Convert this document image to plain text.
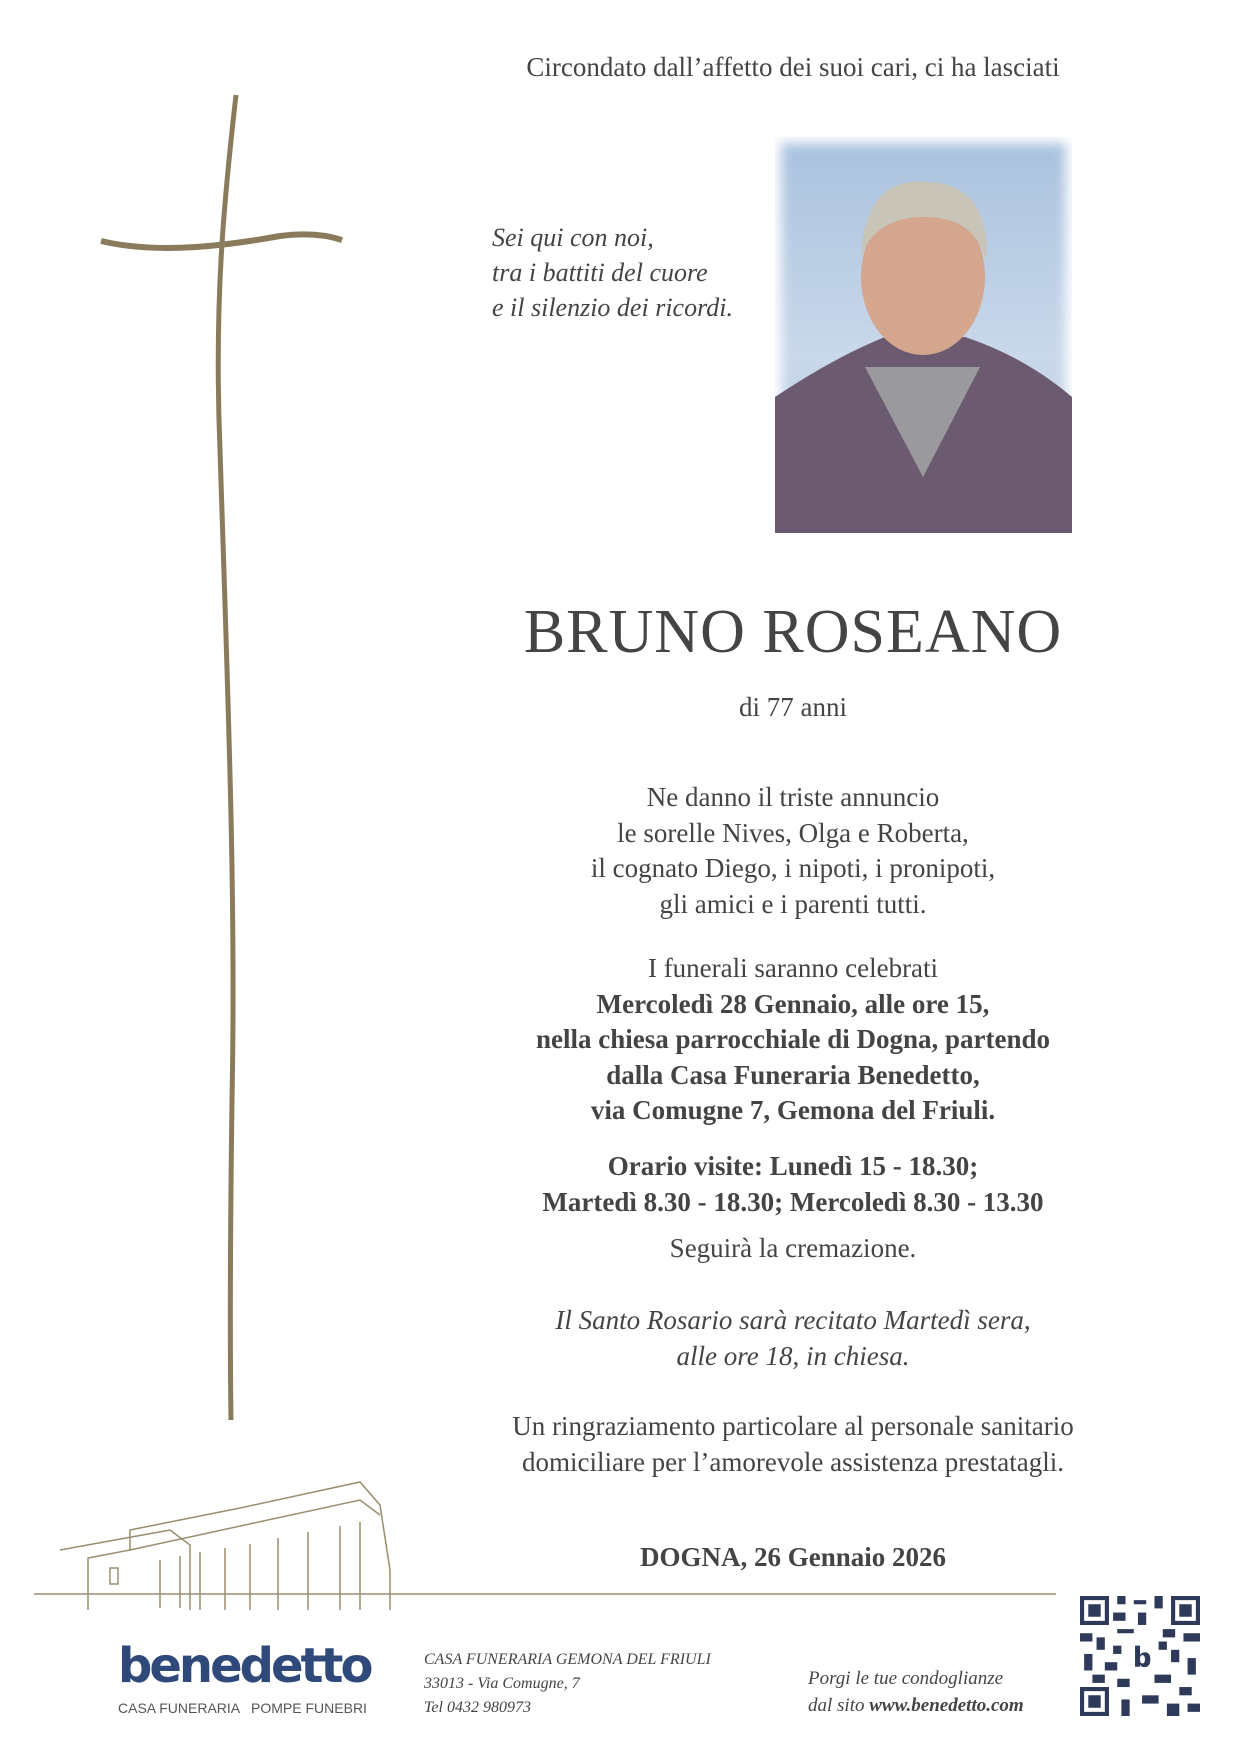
Circondato dall’affetto dei suoi cari, ci ha lasciati
Sei qui con noi,
tra i battiti del cuore
e il silenzio dei ricordi.
BRUNO ROSEANO
di 77 anni
Ne danno il triste annuncio
le sorelle Nives, Olga e Roberta,
il cognato Diego, i nipoti, i pronipoti,
gli amici e i parenti tutti.
I funerali saranno celebrati
Mercoledì 28 Gennaio, alle ore 15,
nella chiesa parrocchiale di Dogna, partendo
dalla Casa Funeraria Benedetto,
via Comugne 7, Gemona del Friuli.
Orario visite: Lunedì 15 - 18.30;
Martedì 8.30 - 18.30; Mercoledì 8.30 - 13.30
Seguirà la cremazione.
Il Santo Rosario sarà recitato Martedì sera,
alle ore 18, in chiesa.
Un ringraziamento particolare al personale sanitario
domiciliare per l’amorevole assistenza prestatagli.
DOGNA, 26 Gennaio 2026
benedetto
CASA FUNERARIA   POMPE FUNEBRI
CASA FUNERARIA GEMONA DEL FRIULI
33013 - Via Comugne, 7
Tel 0432 980973
Porgi le tue condoglianze
dal sito www.benedetto.com
